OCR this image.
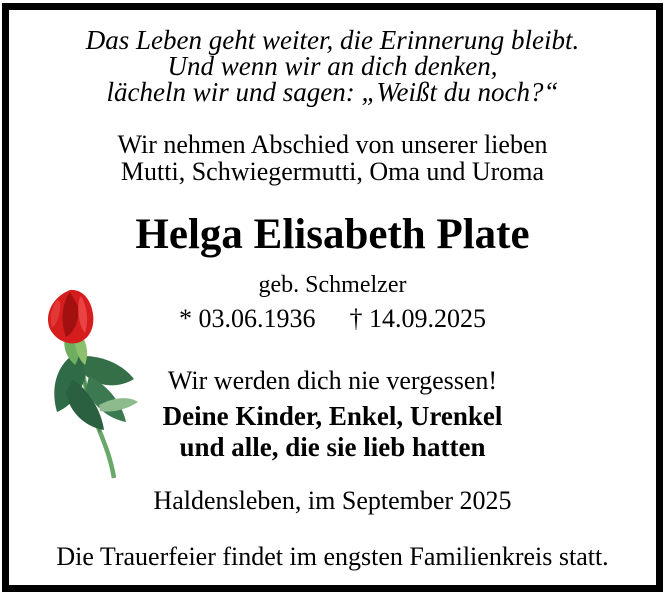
Das Leben geht weiter, die Erinnerung bleibt.
Und wenn wir an dich denken,
lächeln wir und sagen: „Weißt du noch?“
Wir nehmen Abschied von unserer lieben
Mutti, Schwiegermutti, Oma und Uroma
Helga Elisabeth Plate
geb. Schmelzer
* 03.06.1936 † 14.09.2025
Wir werden dich nie vergessen!
Deine Kinder, Enkel, Urenkel
und alle, die sie lieb hatten
Haldensleben, im September 2025
Die Trauerfeier findet im engsten Familienkreis statt.
